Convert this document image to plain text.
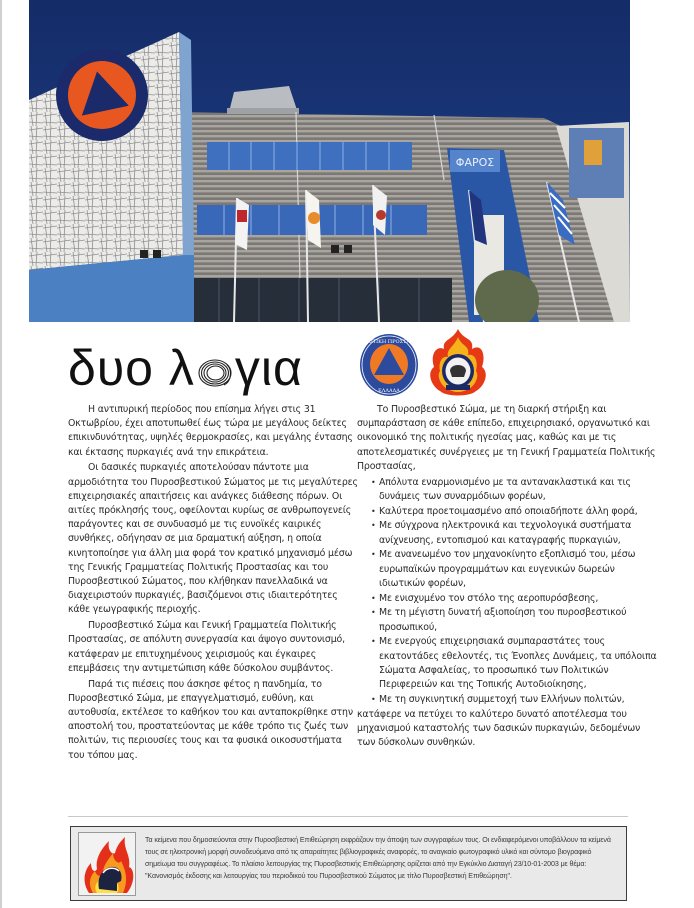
ΦΑΡΟΣ
δυο λ για	ΠΟΛΙΤΙΚΗ ΠΡΟΣΤΑΣΙΑ
ΕΛΛΑΔΑ

Η αντιπυρική περίοδος που επίσημα λήγει στις 31 Οκτωβρίου, έχει αποτυπωθεί έως τώρα με μεγάλους δείκτες επικινδυνότητας, υψηλές θερμοκρασίες, και μεγάλης έντασης και έκτασης πυρκαγιές ανά την επικράτεια.

Οι δασικές πυρκαγιές αποτελούσαν πάντοτε μια αρμοδιότητα του Πυροσβεστικού Σώματος με τις μεγαλύτερες επιχειρησιακές απαιτήσεις και ανάγκες διάθεσης πόρων. Οι αιτίες πρόκλησής τους, οφείλονται κυρίως σε ανθρωπογενείς παράγοντες και σε συνδυασμό με τις ευνοϊκές καιρικές συνθήκες, οδήγησαν σε μια δραματική αύξηση, η οποία κινητοποίησε για άλλη μια φορά τον κρατικό μηχανισμό μέσω της Γενικής Γραμματείας Πολιτικής Προστασίας και του Πυροσβεστικού Σώματος, που κλήθηκαν πανελλαδικά να διαχειριστούν πυρκαγιές, βασιζόμενοι στις ιδιαιτερότητες κάθε γεωγραφικής περιοχής.

Πυροσβεστικό Σώμα και Γενική Γραμματεία Πολιτικής Προστασίας, σε απόλυτη συνεργασία και άψογο συντονισμό, κατάφεραν με επιτυχημένους χειρισμούς και έγκαιρες επεμβάσεις την αντιμετώπιση κάθε δύσκολου συμβάντος.

Παρά τις πιέσεις που άσκησε φέτος η πανδημία, το Πυροσβεστικό Σώμα, με επαγγελματισμό, ευθύνη, και αυτοθυσία, εκτέλεσε το καθήκον του και ανταποκρίθηκε στην αποστολή του, προστατεύοντας με κάθε τρόπο τις ζωές των πολιτών, τις περιουσίες τους και τα φυσικά οικοσυστήματα του τόπου μας.

Το Πυροσβεστικό Σώμα, με τη διαρκή στήριξη και συμπαράσταση σε κάθε επίπεδο, επιχειρησιακό, οργανωτικό και οικονομικό της πολιτικής ηγεσίας μας, καθώς και με τις αποτελεσματικές συνέργειες με τη Γενική Γραμματεία Πολιτικής Προστασίας,

• Απόλυτα εναρμονισμένο με τα αντανακλαστικά και τις δυνάμεις των συναρμόδιων φορέων,
• Καλύτερα προετοιμασμένο από οποιαδήποτε άλλη φορά,
• Με σύγχρονα ηλεκτρονικά και τεχνολογικά συστήματα ανίχνευσης, εντοπισμού και καταγραφής πυρκαγιών,
• Με ανανεωμένο τον μηχανοκίνητο εξοπλισμό του, μέσω ευρωπαϊκών προγραμμάτων και ευγενικών δωρεών ιδιωτικών φορέων,
• Με ενισχυμένο τον στόλο της αεροπυρόσβεσης,
• Με τη μέγιστη δυνατή αξιοποίηση του πυροσβεστικού προσωπικού,
• Με ενεργούς επιχειρησιακά συμπαραστάτες τους εκατοντάδες εθελοντές, τις Ένοπλες Δυνάμεις, τα υπόλοιπα Σώματα Ασφαλείας, το προσωπικό των Πολιτικών Περιφερειών και της Τοπικής Αυτοδιοίκησης,
• Με τη συγκινητική συμμετοχή των Ελλήνων πολιτών,

κατάφερε να πετύχει το καλύτερο δυνατό αποτέλεσμα του μηχανισμού καταστολής των δασικών πυρκαγιών, δεδομένων των δύσκολων συνθηκών.

Τα κείμενα που δημοσιεύονται στην Πυροσβεστική Επιθεώρηση εκφράζουν την άποψη των συγγραφέων τους. Οι ενδιαφερόμενοι υποβάλλουν τα κείμενά τους σε ηλεκτρονική μορφή συνοδευόμενα από τις απαραίτητες βιβλιογραφικές αναφορές, το αναγκαίο φωτογραφικό υλικό και σύντομο βιογραφικό σημείωμα του συγγραφέως. Το πλαίσιο λειτουργίας της Πυροσβεστικής Επιθεώρησης ορίζεται από την Εγκύκλιο Διαταγή 23/10-01-2003 με θέμα: "Κανονισμός έκδοσης και λειτουργίας του περιοδικού του Πυροσβεστικού Σώματος με τίτλο Πυροσβεστική Επιθεώρηση".
